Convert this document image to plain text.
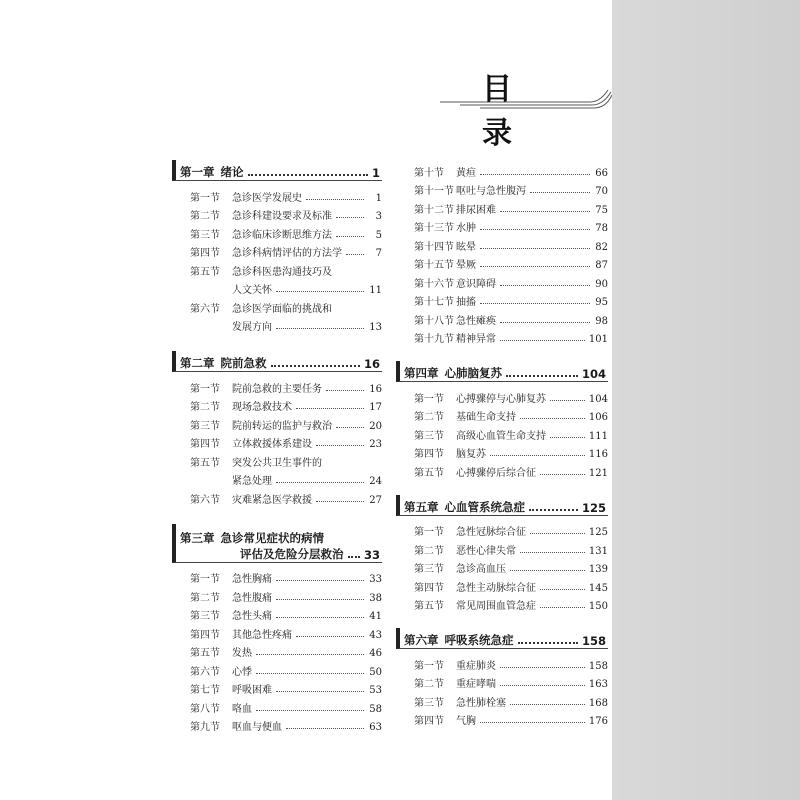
目 录
第一章 绪论	1
第一节	急诊医学发展史	1
第二节	急诊科建设要求及标准	3
第三节	急诊临床诊断思维方法	5
第四节	急诊科病情评估的方法学	7
第五节	急诊科医患沟通技巧及
人文关怀	11
第六节	急诊医学面临的挑战和
发展方向	13
第二章 院前急救	16
第一节	院前急救的主要任务	16
第二节	现场急救技术	17
第三节	院前转运的监护与救治	20
第四节	立体救援体系建设	23
第五节	突发公共卫生事件的
紧急处理	24
第六节	灾难紧急医学救援	27
第三章 急诊常见症状的病情
评估及危险分层救治 33
第一节	急性胸痛	33
第二节	急性腹痛	38
第三节	急性头痛	41
第四节	其他急性疼痛	43
第五节	发热	46
第六节	心悸	50
第七节	呼吸困难	53
第八节	咯血	58
第九节	呕血与便血	63
第十节	黄疸	66
第十一节 呕吐与急性腹泻	70
第十二节 排尿困难	75
第十三节 水肿	78
第十四节 眩晕	82
第十五节 晕厥	87
第十六节 意识障碍	90
第十七节 抽搐	95
第十八节 急性瘫痪	98
第十九节 精神异常	101
第四章 心肺脑复苏	104
第一节	心搏骤停与心肺复苏	104
第二节	基础生命支持	106
第三节	高级心血管生命支持	111
第四节	脑复苏	116
第五节	心搏骤停后综合征	121
第五章 心血管系统急症	125
第一节	急性冠脉综合征	125
第二节	恶性心律失常	131
第三节	急诊高血压	139
第四节	急性主动脉综合征	145
第五节	常见周围血管急症	150
第六章 呼吸系统急症	158
第一节	重症肺炎	158
第二节	重症哮喘	163
第三节	急性肺栓塞	168
第四节	气胸	176
